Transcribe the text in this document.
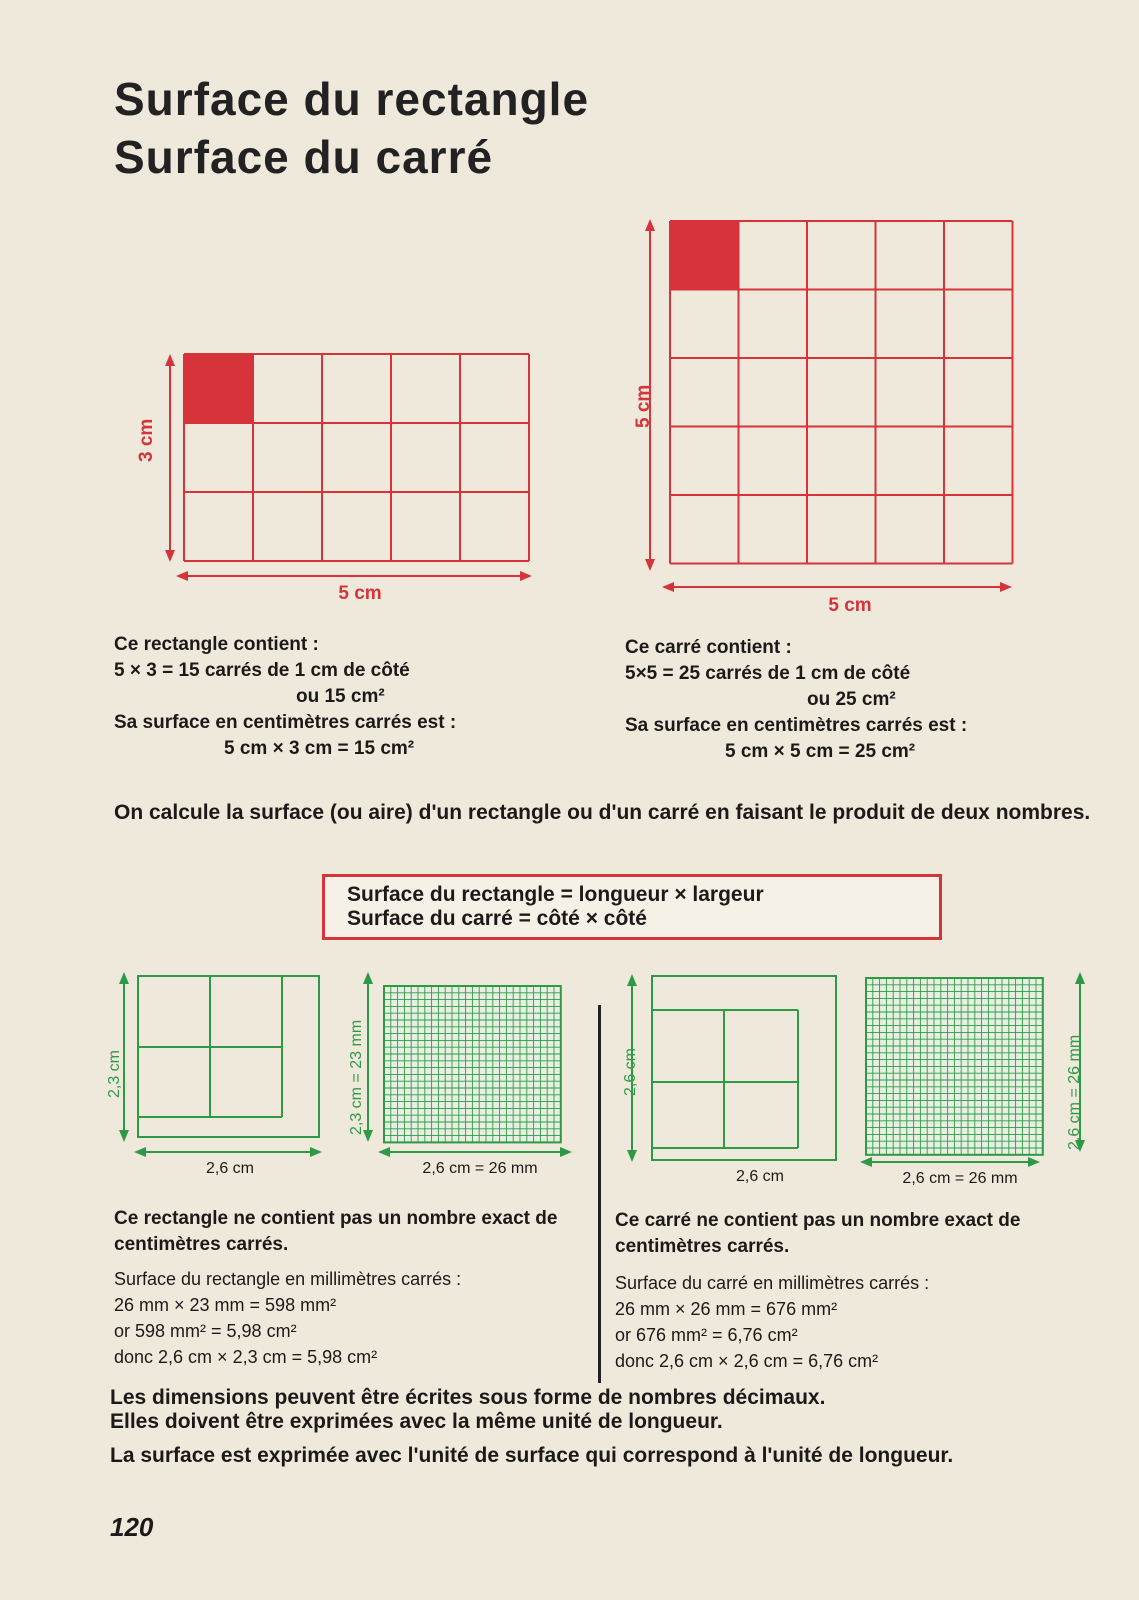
Surface du rectangle
Surface du carré
3 cm
5 cm
Ce rectangle contient :
5 × 3 = 15 carrés de 1 cm de côté
ou 15 cm²
Sa surface en centimètres carrés est :
5 cm × 3 cm = 15 cm²
5 cm
5 cm
Ce carré contient :
5×5 = 25 carrés de 1 cm de côté
ou 25 cm²
Sa surface en centimètres carrés est :
5 cm × 5 cm = 25 cm²
On calcule la surface (ou aire) d'un rectangle ou d'un carré en faisant le produit de deux nombres.
Surface du rectangle = longueur × largeur
Surface du carré = côté × côté
2,3 cm
2,6 cm
2,3 cm = 23 mm
2,6 cm = 26 mm
2,6 cm
2,6 cm
2,6 cm = 26 mm
2,6 cm = 26 mm
Ce rectangle ne contient pas un nombre exact de centimètres carrés.
Surface du rectangle en millimètres carrés :
26 mm × 23 mm = 598 mm²
or 598 mm² = 5,98 cm²
donc 2,6 cm × 2,3 cm = 5,98 cm²
Ce carré ne contient pas un nombre exact de centimètres carrés.
Surface du carré en millimètres carrés :
26 mm × 26 mm = 676 mm²
or 676 mm² = 6,76 cm²
donc 2,6 cm × 2,6 cm = 6,76 cm²
Les dimensions peuvent être écrites sous forme de nombres décimaux.
Elles doivent être exprimées avec la même unité de longueur.
La surface est exprimée avec l'unité de surface qui correspond à l'unité de longueur.
120
